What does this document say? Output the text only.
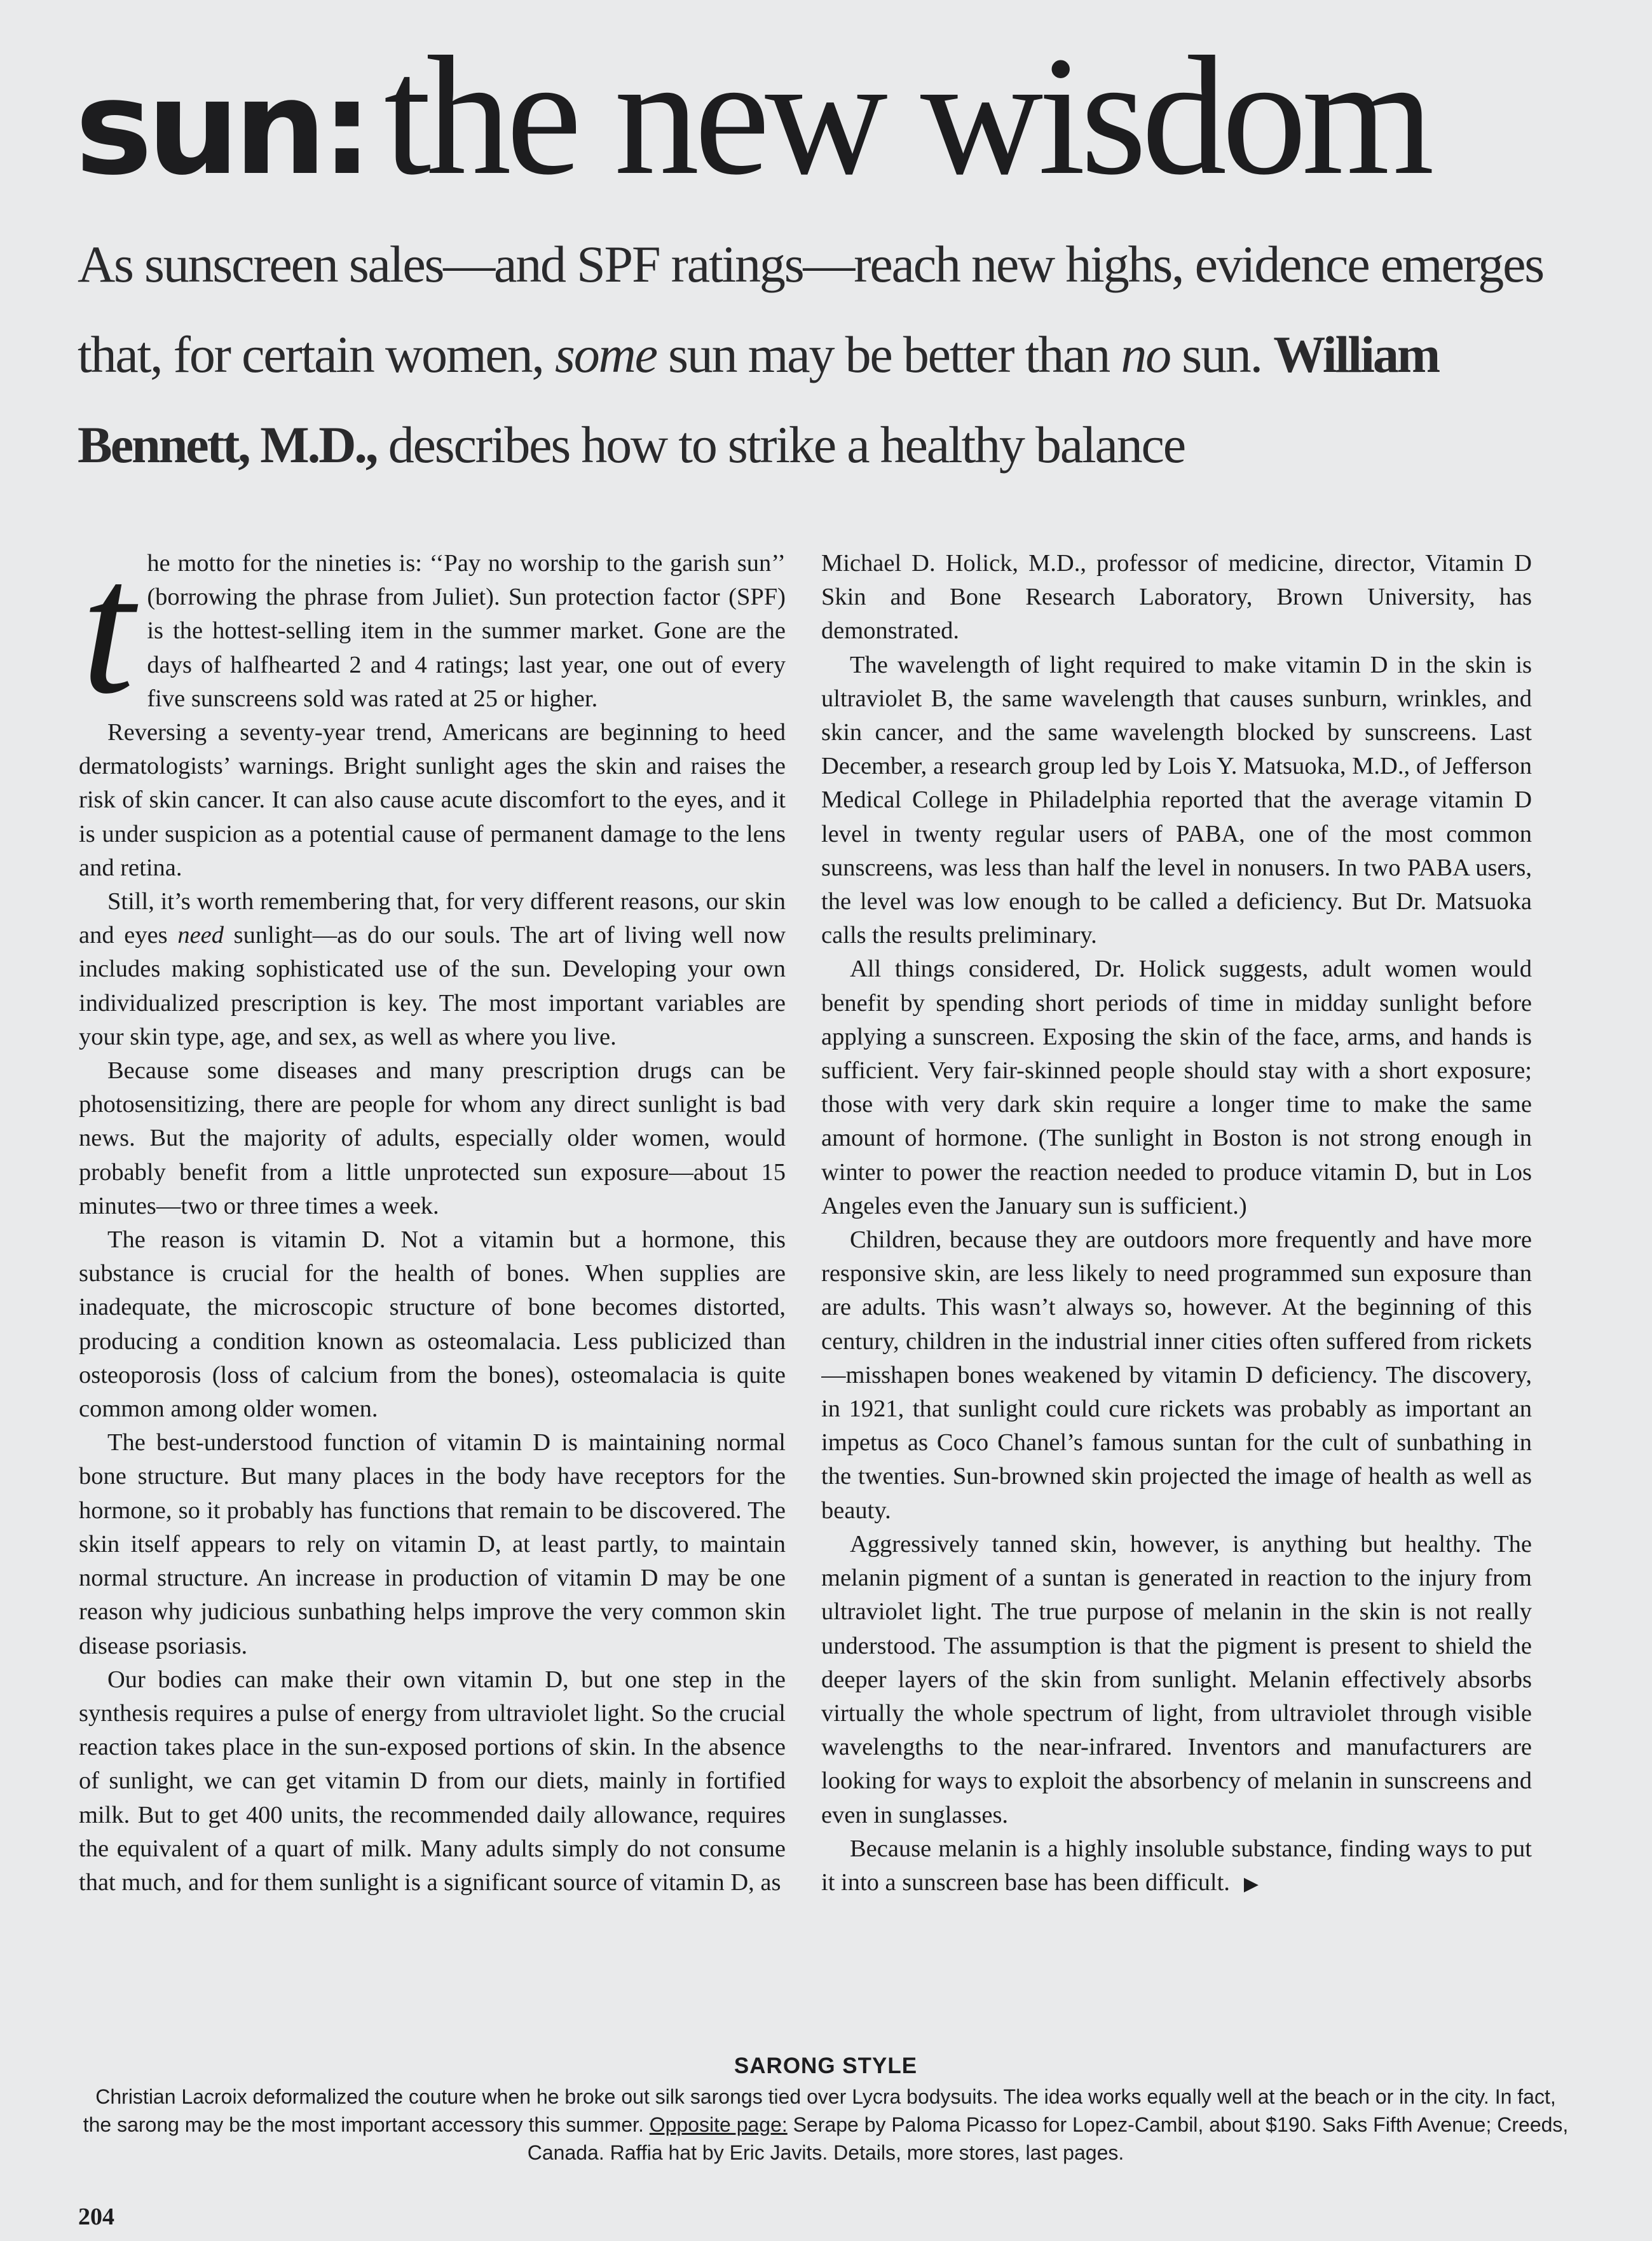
sun:the new wisdom
As sunscreen sales—and SPF ratings—reach new highs, evidence emerges that, for certain women, some sun may be better than no sun. William Bennett, M.D., describes how to strike a healthy balance

the motto for the nineties is: ‘‘Pay no worship to the garish sun’’ (borrowing the phrase from Juliet). Sun protection factor (SPF) is the hottest-selling item in the summer market. Gone are the days of halfhearted 2 and 4 ratings; last year, one out of every five sunscreens sold was rated at 25 or higher.

Reversing a seventy-year trend, Americans are beginning to heed dermatologists’ warnings. Bright sunlight ages the skin and raises the risk of skin cancer. It can also cause acute discomfort to the eyes, and it is under suspicion as a potential cause of permanent damage to the lens and retina.

Still, it’s worth remembering that, for very different reasons, our skin and eyes need sunlight—as do our souls. The art of living well now includes making sophisticated use of the sun. Developing your own individualized prescription is key. The most important variables are your skin type, age, and sex, as well as where you live.

Because some diseases and many prescription drugs can be photosensitizing, there are people for whom any direct sunlight is bad news. But the majority of adults, especially older women, would probably benefit from a little unprotected sun exposure—about 15 minutes—two or three times a week.

The reason is vitamin D. Not a vitamin but a hormone, this substance is crucial for the health of bones. When supplies are inadequate, the microscopic structure of bone becomes distorted, producing a condition known as osteomalacia. Less publicized than osteoporosis (loss of calcium from the bones), osteomalacia is quite common among older women.

The best-understood function of vitamin D is maintaining normal bone structure. But many places in the body have receptors for the hormone, so it probably has functions that remain to be discovered. The skin itself appears to rely on vitamin D, at least partly, to maintain normal structure. An increase in production of vitamin D may be one reason why judicious sunbathing helps improve the very common skin disease psoriasis.

Our bodies can make their own vitamin D, but one step in the synthesis requires a pulse of energy from ultraviolet light. So the crucial reaction takes place in the sun-exposed portions of skin. In the absence of sunlight, we can get vitamin D from our diets, mainly in fortified milk. But to get 400 units, the recommended daily allowance, requires the equivalent of a quart of milk. Many adults simply do not consume that much, and for them sunlight is a significant source of vitamin D, as

Michael D. Holick, M.D., professor of medicine, director, Vitamin D Skin and Bone Research Laboratory, Brown University, has demonstrated.

The wavelength of light required to make vitamin D in the skin is ultraviolet B, the same wavelength that causes sunburn, wrinkles, and skin cancer, and the same wavelength blocked by sunscreens. Last December, a research group led by Lois Y. Matsuoka, M.D., of Jefferson Medical College in Philadelphia reported that the average vitamin D level in twenty regular users of PABA, one of the most common sunscreens, was less than half the level in nonusers. In two PABA users, the level was low enough to be called a deficiency. But Dr. Matsuoka calls the results preliminary.

All things considered, Dr. Holick suggests, adult women would benefit by spending short periods of time in midday sunlight before applying a sunscreen. Exposing the skin of the face, arms, and hands is sufficient. Very fair-skinned people should stay with a short exposure; those with very dark skin require a longer time to make the same amount of hormone. (The sunlight in Boston is not strong enough in winter to power the reaction needed to produce vitamin D, but in Los Angeles even the January sun is sufficient.)

Children, because they are outdoors more frequently and have more responsive skin, are less likely to need programmed sun exposure than are adults. This wasn’t always so, however. At the beginning of this century, children in the industrial inner cities often suffered from rickets—misshapen bones weakened by vitamin D deficiency. The discovery, in 1921, that sunlight could cure rickets was probably as important an impetus as Coco Chanel’s famous suntan for the cult of sunbathing in the twenties. Sun-browned skin projected the image of health as well as beauty.

Aggressively tanned skin, however, is anything but healthy. The melanin pigment of a suntan is generated in reaction to the injury from ultraviolet light. The true purpose of melanin in the skin is not really understood. The assumption is that the pigment is present to shield the deeper layers of the skin from sunlight. Melanin effectively absorbs virtually the whole spectrum of light, from ultraviolet through visible wavelengths to the near-infrared. Inventors and manufacturers are looking for ways to exploit the absorbency of melanin in sunscreens and even in sunglasses.

Because melanin is a highly insoluble substance, finding ways to put it into a sunscreen base has been difficult. ▶

SARONG STYLE
Christian Lacroix deformalized the couture when he broke out silk sarongs tied over Lycra bodysuits. The idea works equally well at the beach or in the city. In fact, the sarong may be the most important accessory this summer. Opposite page: Serape by Paloma Picasso for Lopez-Cambil, about $190. Saks Fifth Avenue; Creeds, Canada. Raffia hat by Eric Javits. Details, more stores, last pages.
204
